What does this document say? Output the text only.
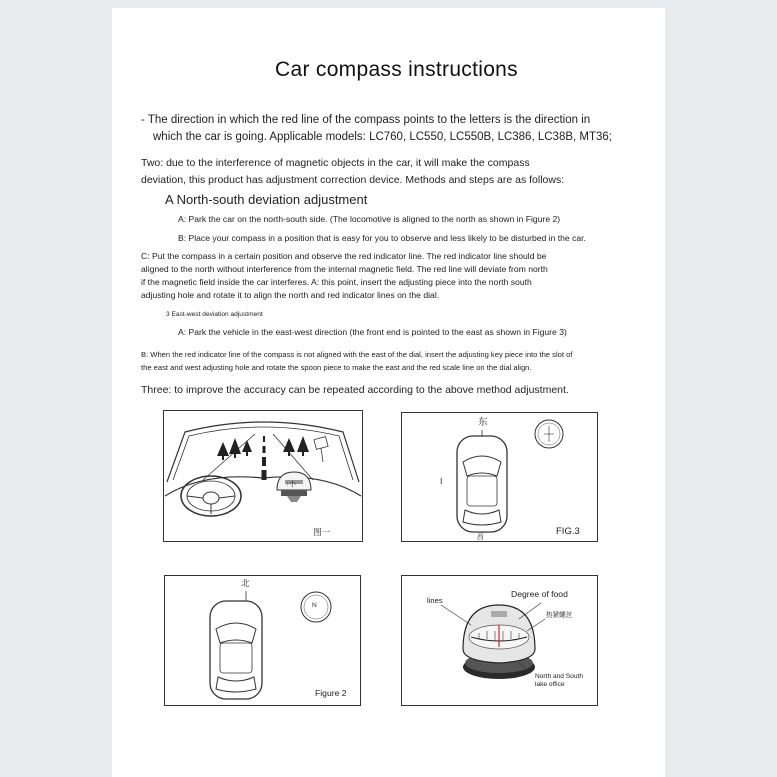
Car compass instructions
- The direction in which the red line of the compass points to the letters is the direction in
which the car is going. Applicable models: LC760, LC550, LC550B, LC386, LC38B, MT36;
Two: due to the interference of magnetic objects in the car, it will make the compass
deviation, this product has adjustment correction device. Methods and steps are as follows:
A North-south deviation adjustment
A: Park the car on the north-south side. (The locomotive is aligned to the north as shown in Figure 2)
B: Place your compass in a position that is easy for you to observe and less likely to be disturbed in the car.
C: Put the compass in a certain position and observe the red indicator line. The red indicator line should be
aligned to the north without interference from the internal magnetic field. The red line will deviate from north
if the magnetic field inside the car interferes. A: this point, insert the adjusting piece into the north south
adjusting hole and rotate it to align the north and red indicator lines on the dial.
3 East-west deviation adjustment
A: Park the vehicle in the east-west direction (the front end is pointed to the east as shown in Figure 3)
B: When the red indicator line of the compass is not aligned with the east of the dial, insert the adjusting key piece into the slot of
the east and west adjusting hole and rotate the spoon piece to make the east and the red scale line on the dial align.
Three: to improve the accuracy can be repeated according to the above method adjustment.
图一
↑小
东
西
I
FIG.3
北
N
Figure 2
lines
Degree of food
热紧螺丝
North and South
lake office
